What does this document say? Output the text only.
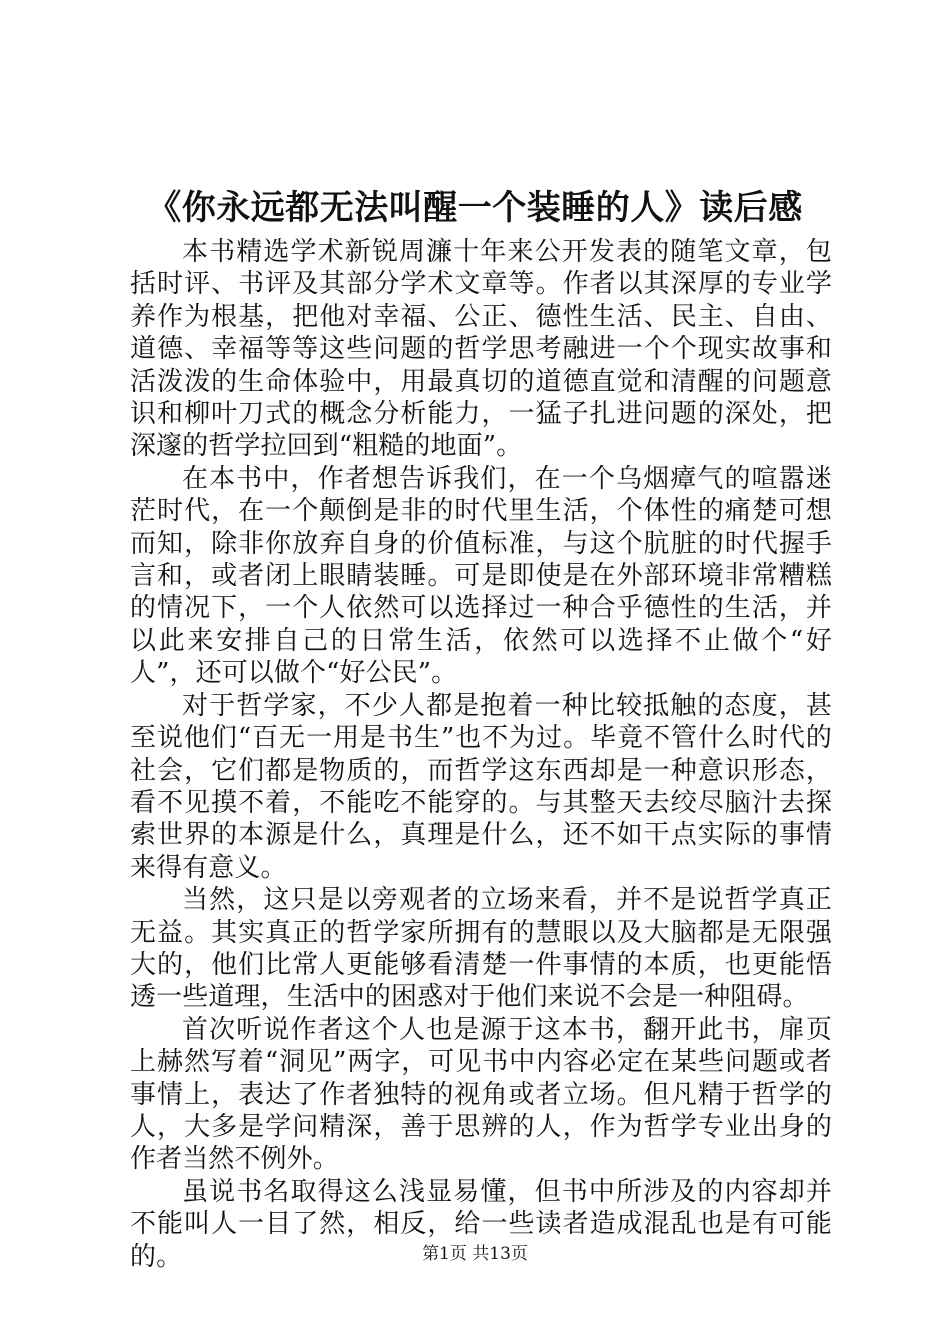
《你永远都无法叫醒一个装睡的人》读后感

本书精选学术新锐周濂十年来公开发表的随笔文章，包括时评、书评及其部分学术文章等。作者以其深厚的专业学养作为根基，把他对幸福、公正、德性生活、民主、自由、道德、幸福等等这些问题的哲学思考融进一个个现实故事和活泼泼的生命体验中，用最真切的道德直觉和清醒的问题意识和柳叶刀式的概念分析能力，一猛子扎进问题的深处，把深邃的哲学拉回到“粗糙的地面”。

在本书中，作者想告诉我们，在一个乌烟瘴气的喧嚣迷茫时代，在一个颠倒是非的时代里生活，个体性的痛楚可想而知，除非你放弃自身的价值标准，与这个肮脏的时代握手言和，或者闭上眼睛装睡。可是即使是在外部环境非常糟糕的情况下，一个人依然可以选择过一种合乎德性的生活，并以此来安排自己的日常生活，依然可以选择不止做个“好人”，还可以做个“好公民”。

对于哲学家，不少人都是抱着一种比较抵触的态度，甚至说他们“百无一用是书生”也不为过。毕竟不管什么时代的社会，它们都是物质的，而哲学这东西却是一种意识形态，看不见摸不着，不能吃不能穿的。与其整天去绞尽脑汁去探索世界的本源是什么，真理是什么，还不如干点实际的事情来得有意义。

当然，这只是以旁观者的立场来看，并不是说哲学真正无益。其实真正的哲学家所拥有的慧眼以及大脑都是无限强大的，他们比常人更能够看清楚一件事情的本质，也更能悟透一些道理，生活中的困惑对于他们来说不会是一种阻碍。

首次听说作者这个人也是源于这本书，翻开此书，扉页上赫然写着“洞见”两字，可见书中内容必定在某些问题或者事情上，表达了作者独特的视角或者立场。但凡精于哲学的人，大多是学问精深，善于思辨的人，作为哲学专业出身的作者当然不例外。

虽说书名取得这么浅显易懂，但书中所涉及的内容却并不能叫人一目了然，相反，给一些读者造成混乱也是有可能的。	第1页 共13页
